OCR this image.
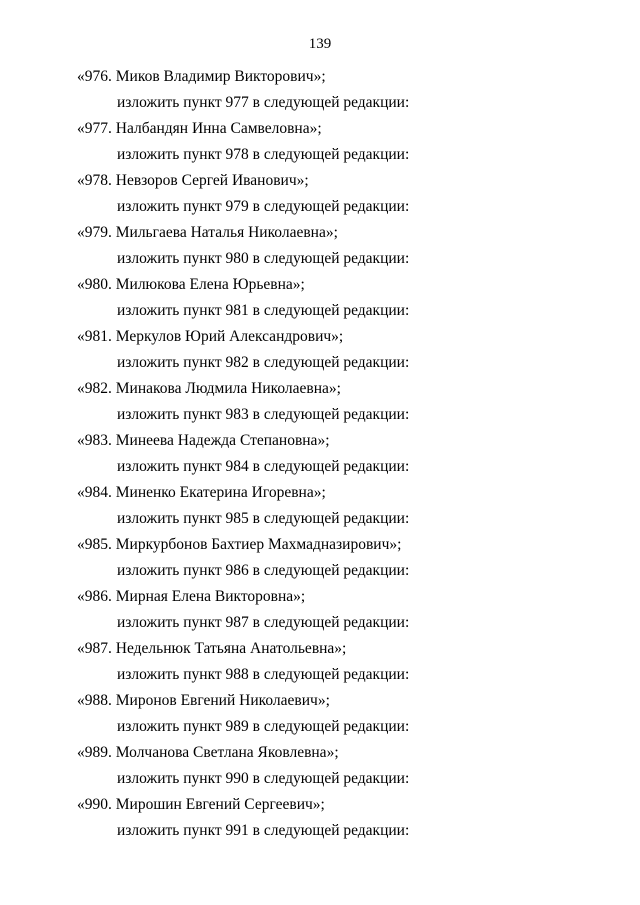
139
«976. Миков Владимир Викторович»;
изложить пункт 977 в следующей редакции:
«977. Налбандян Инна Самвеловна»;
изложить пункт 978 в следующей редакции:
«978. Невзоров Сергей Иванович»;
изложить пункт 979 в следующей редакции:
«979. Мильгаева Наталья Николаевна»;
изложить пункт 980 в следующей редакции:
«980. Милюкова Елена Юрьевна»;
изложить пункт 981 в следующей редакции:
«981. Меркулов Юрий Александрович»;
изложить пункт 982 в следующей редакции:
«982. Минакова Людмила Николаевна»;
изложить пункт 983 в следующей редакции:
«983. Минеева Надежда Степановна»;
изложить пункт 984 в следующей редакции:
«984. Миненко Екатерина Игоревна»;
изложить пункт 985 в следующей редакции:
«985. Миркурбонов Бахтиер Махмадназирович»;
изложить пункт 986 в следующей редакции:
«986. Мирная Елена Викторовна»;
изложить пункт 987 в следующей редакции:
«987. Недельнюк Татьяна Анатольевна»;
изложить пункт 988 в следующей редакции:
«988. Миронов Евгений Николаевич»;
изложить пункт 989 в следующей редакции:
«989. Молчанова Светлана Яковлевна»;
изложить пункт 990 в следующей редакции:
«990. Мирошин Евгений Сергеевич»;
изложить пункт 991 в следующей редакции:
